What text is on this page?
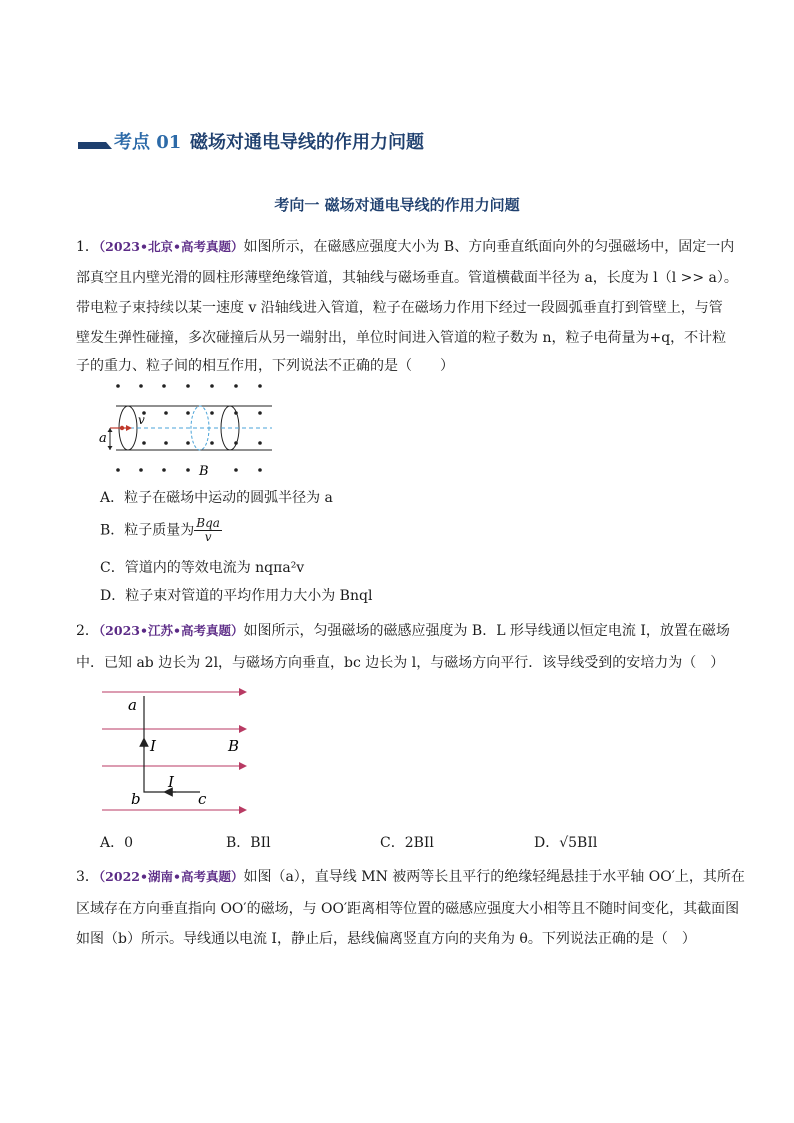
考点 01 磁场对通电导线的作用力问题
考向一 磁场对通电导线的作用力问题
1．（2023•北京•高考真题）如图所示，在磁感应强度大小为 B、方向垂直纸面向外的匀强磁场中，固定一内
部真空且内壁光滑的圆柱形薄壁绝缘管道，其轴线与磁场垂直。管道横截面半径为 a，长度为 l（l >> a）。
带电粒子束持续以某一速度 v 沿轴线进入管道，粒子在磁场力作用下经过一段圆弧垂直打到管壁上，与管
壁发生弹性碰撞，多次碰撞后从另一端射出，单位时间进入管道的粒子数为 n，粒子电荷量为+q，不计粒
子的重力、粒子间的相互作用，下列说法不正确的是（　　）
a
v
B
A．粒子在磁场中运动的圆弧半径为 a
B．粒子质量为 $\frac{\text{Bqa}}{v}$
C．管道内的等效电流为 nqπa²v
D．粒子束对管道的平均作用力大小为 Bnql
2．（2023•江苏•高考真题）如图所示，匀强磁场的磁感应强度为 B．L 形导线通以恒定电流 I，放置在磁场
中．已知 ab 边长为 2l，与磁场方向垂直，bc 边长为 l，与磁场方向平行．该导线受到的安培力为（　）
a
I	B
I
b	c
A．0	B．BIl	C．2BIl	D．√5BIl
3．（2022•湖南•高考真题）如图（a），直导线 MN 被两等长且平行的绝缘轻绳悬挂于水平轴 OO′上，其所在
区域存在方向垂直指向 OO′的磁场，与 OO′距离相等位置的磁感应强度大小相等且不随时间变化，其截面图
如图（b）所示。导线通以电流 I，静止后，悬线偏离竖直方向的夹角为 θ。下列说法正确的是（　）
